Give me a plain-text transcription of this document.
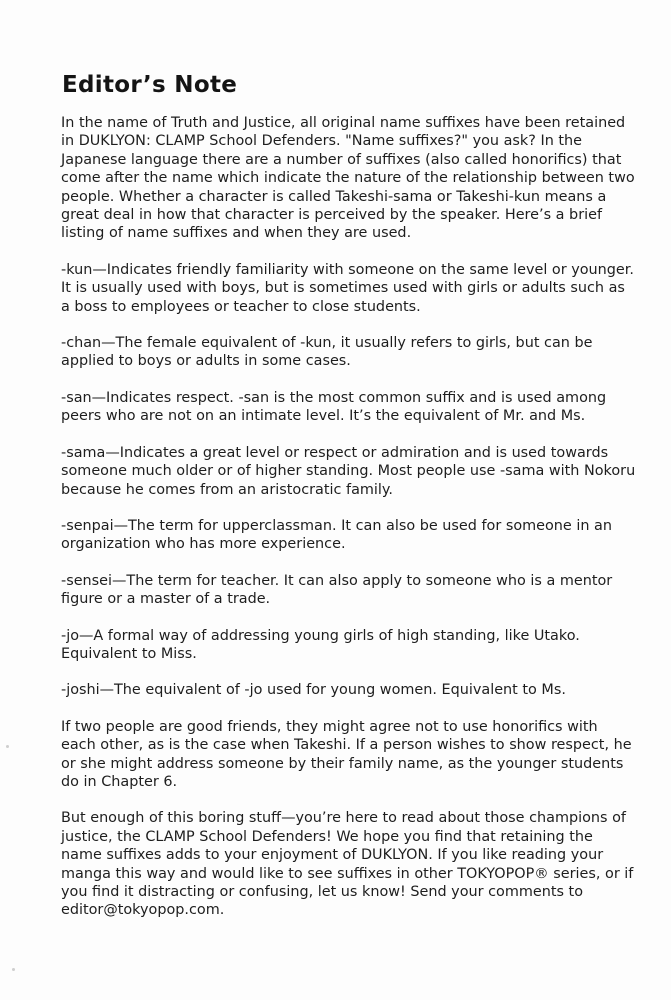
Editor’s Note

In the name of Truth and Justice, all original name suffixes have been retained in DUKLYON: CLAMP School Defenders. "Name suffixes?" you ask? In the Japanese language there are a number of suffixes (also called honorifics) that come after the name which indicate the nature of the relationship between two people. Whether a character is called Takeshi-sama or Takeshi-kun means a great deal in how that character is perceived by the speaker. Here’s a brief listing of name suffixes and when they are used.

-kun—Indicates friendly familiarity with someone on the same level or younger. It is usually used with boys, but is sometimes used with girls or adults such as a boss to employees or teacher to close students.

-chan—The female equivalent of -kun, it usually refers to girls, but can be applied to boys or adults in some cases.

-san—Indicates respect. -san is the most common suffix and is used among peers who are not on an intimate level. It’s the equivalent of Mr. and Ms.

-sama—Indicates a great level or respect or admiration and is used towards someone much older or of higher standing. Most people use -sama with Nokoru because he comes from an aristocratic family.

-senpai—The term for upperclassman. It can also be used for someone in an organization who has more experience.

-sensei—The term for teacher. It can also apply to someone who is a mentor figure or a master of a trade.

-jo—A formal way of addressing young girls of high standing, like Utako. Equivalent to Miss.

-joshi—The equivalent of -jo used for young women. Equivalent to Ms.

If two people are good friends, they might agree not to use honorifics with each other, as is the case when Takeshi. If a person wishes to show respect, he or she might address someone by their family name, as the younger students do in Chapter 6.

But enough of this boring stuff—you’re here to read about those champions of justice, the CLAMP School Defenders! We hope you find that retaining the name suffixes adds to your enjoyment of DUKLYON. If you like reading your manga this way and would like to see suffixes in other TOKYOPOP® series, or if you find it distracting or confusing, let us know! Send your comments to editor@tokyopop.com.
